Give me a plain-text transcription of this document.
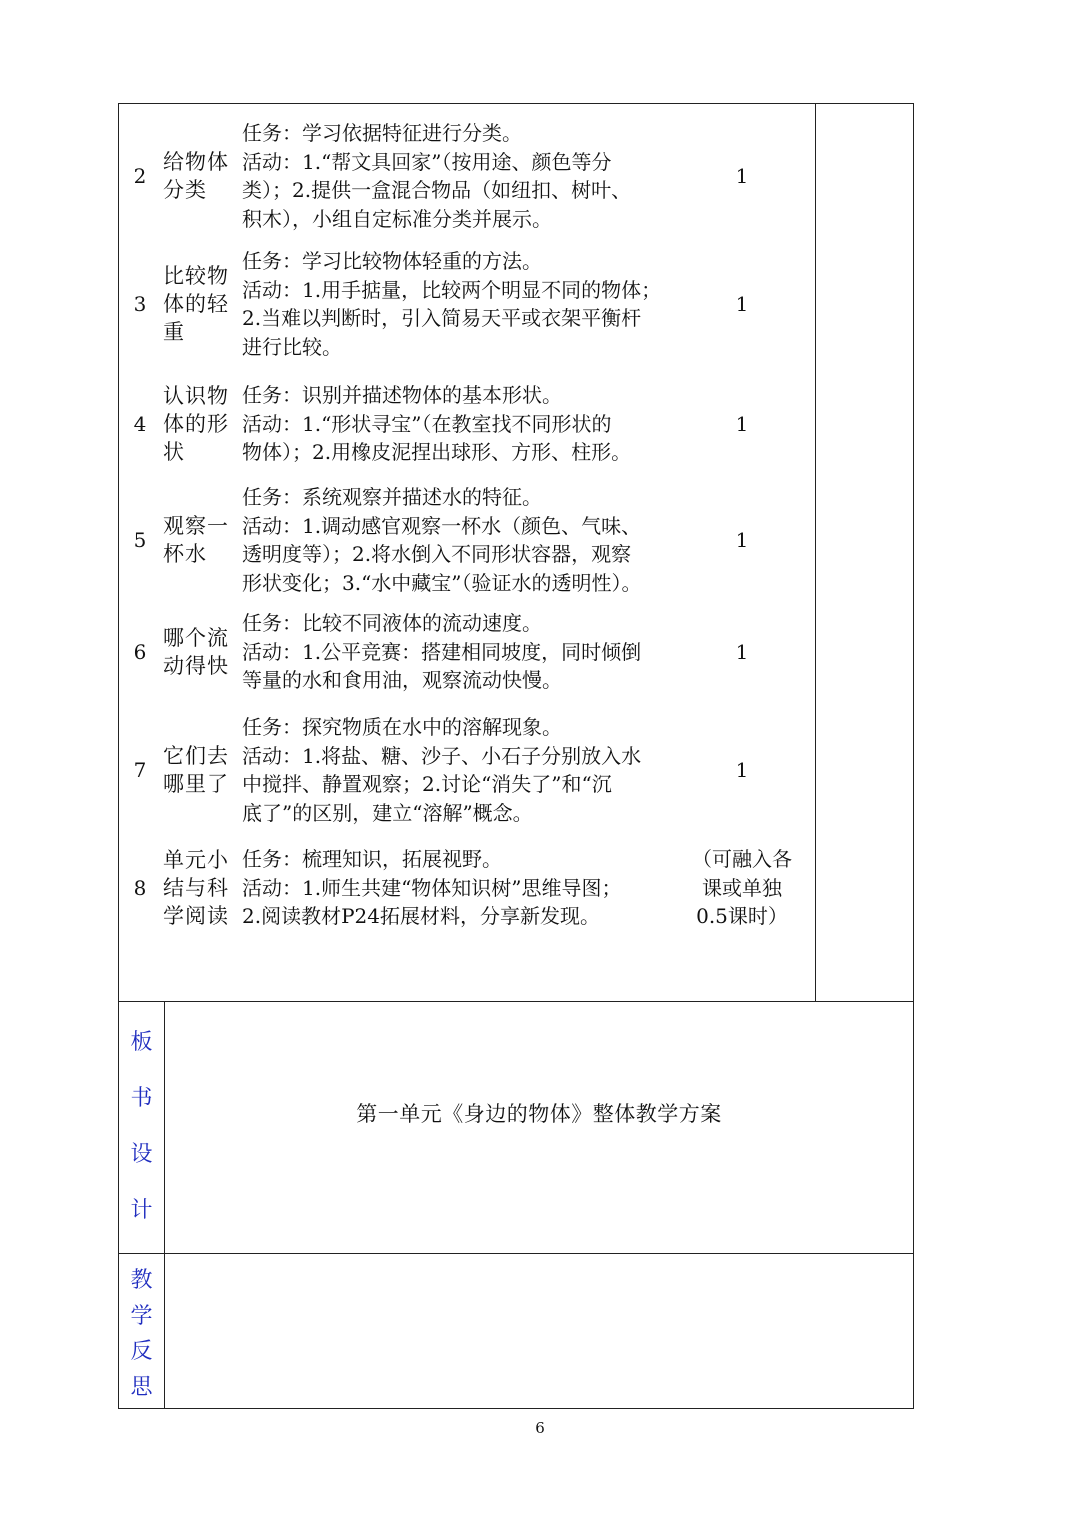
2
给物体
分类
任务：学习依据特征进行分类。
活动：1.“帮文具回家”（按用途、颜色等分
类）；2.提供一盒混合物品（如纽扣、树叶、
积木），小组自定标准分类并展示。
1
3
比较物
体的轻
重
任务：学习比较物体轻重的方法。
活动：1.用手掂量，比较两个明显不同的物体；
2.当难以判断时，引入简易天平或衣架平衡杆
进行比较。
1
4
认识物
体的形
状
任务：识别并描述物体的基本形状。
活动：1.“形状寻宝”（在教室找不同形状的
物体）；2.用橡皮泥捏出球形、方形、柱形。
1
5
观察一
杯水
任务：系统观察并描述水的特征。
活动：1.调动感官观察一杯水（颜色、气味、
透明度等）；2.将水倒入不同形状容器，观察
形状变化；3.“水中藏宝”（验证水的透明性）。
1
6
哪个流
动得快
任务：比较不同液体的流动速度。
活动：1.公平竞赛：搭建相同坡度，同时倾倒
等量的水和食用油，观察流动快慢。
1
7
它们去
哪里了
任务：探究物质在水中的溶解现象。
活动：1.将盐、糖、沙子、小石子分别放入水
中搅拌、静置观察；2.讨论“消失了”和“沉
底了”的区别，建立“溶解”概念。
1
8
单元小
结与科
学阅读
任务：梳理知识，拓展视野。
活动：1.师生共建“物体知识树”思维导图；
2.阅读教材P24拓展材料，分享新发现。
（可融入各
课或单独
0.5课时）
板
书
设
计
第一单元《身边的物体》整体教学方案
教
学
反
思
6
